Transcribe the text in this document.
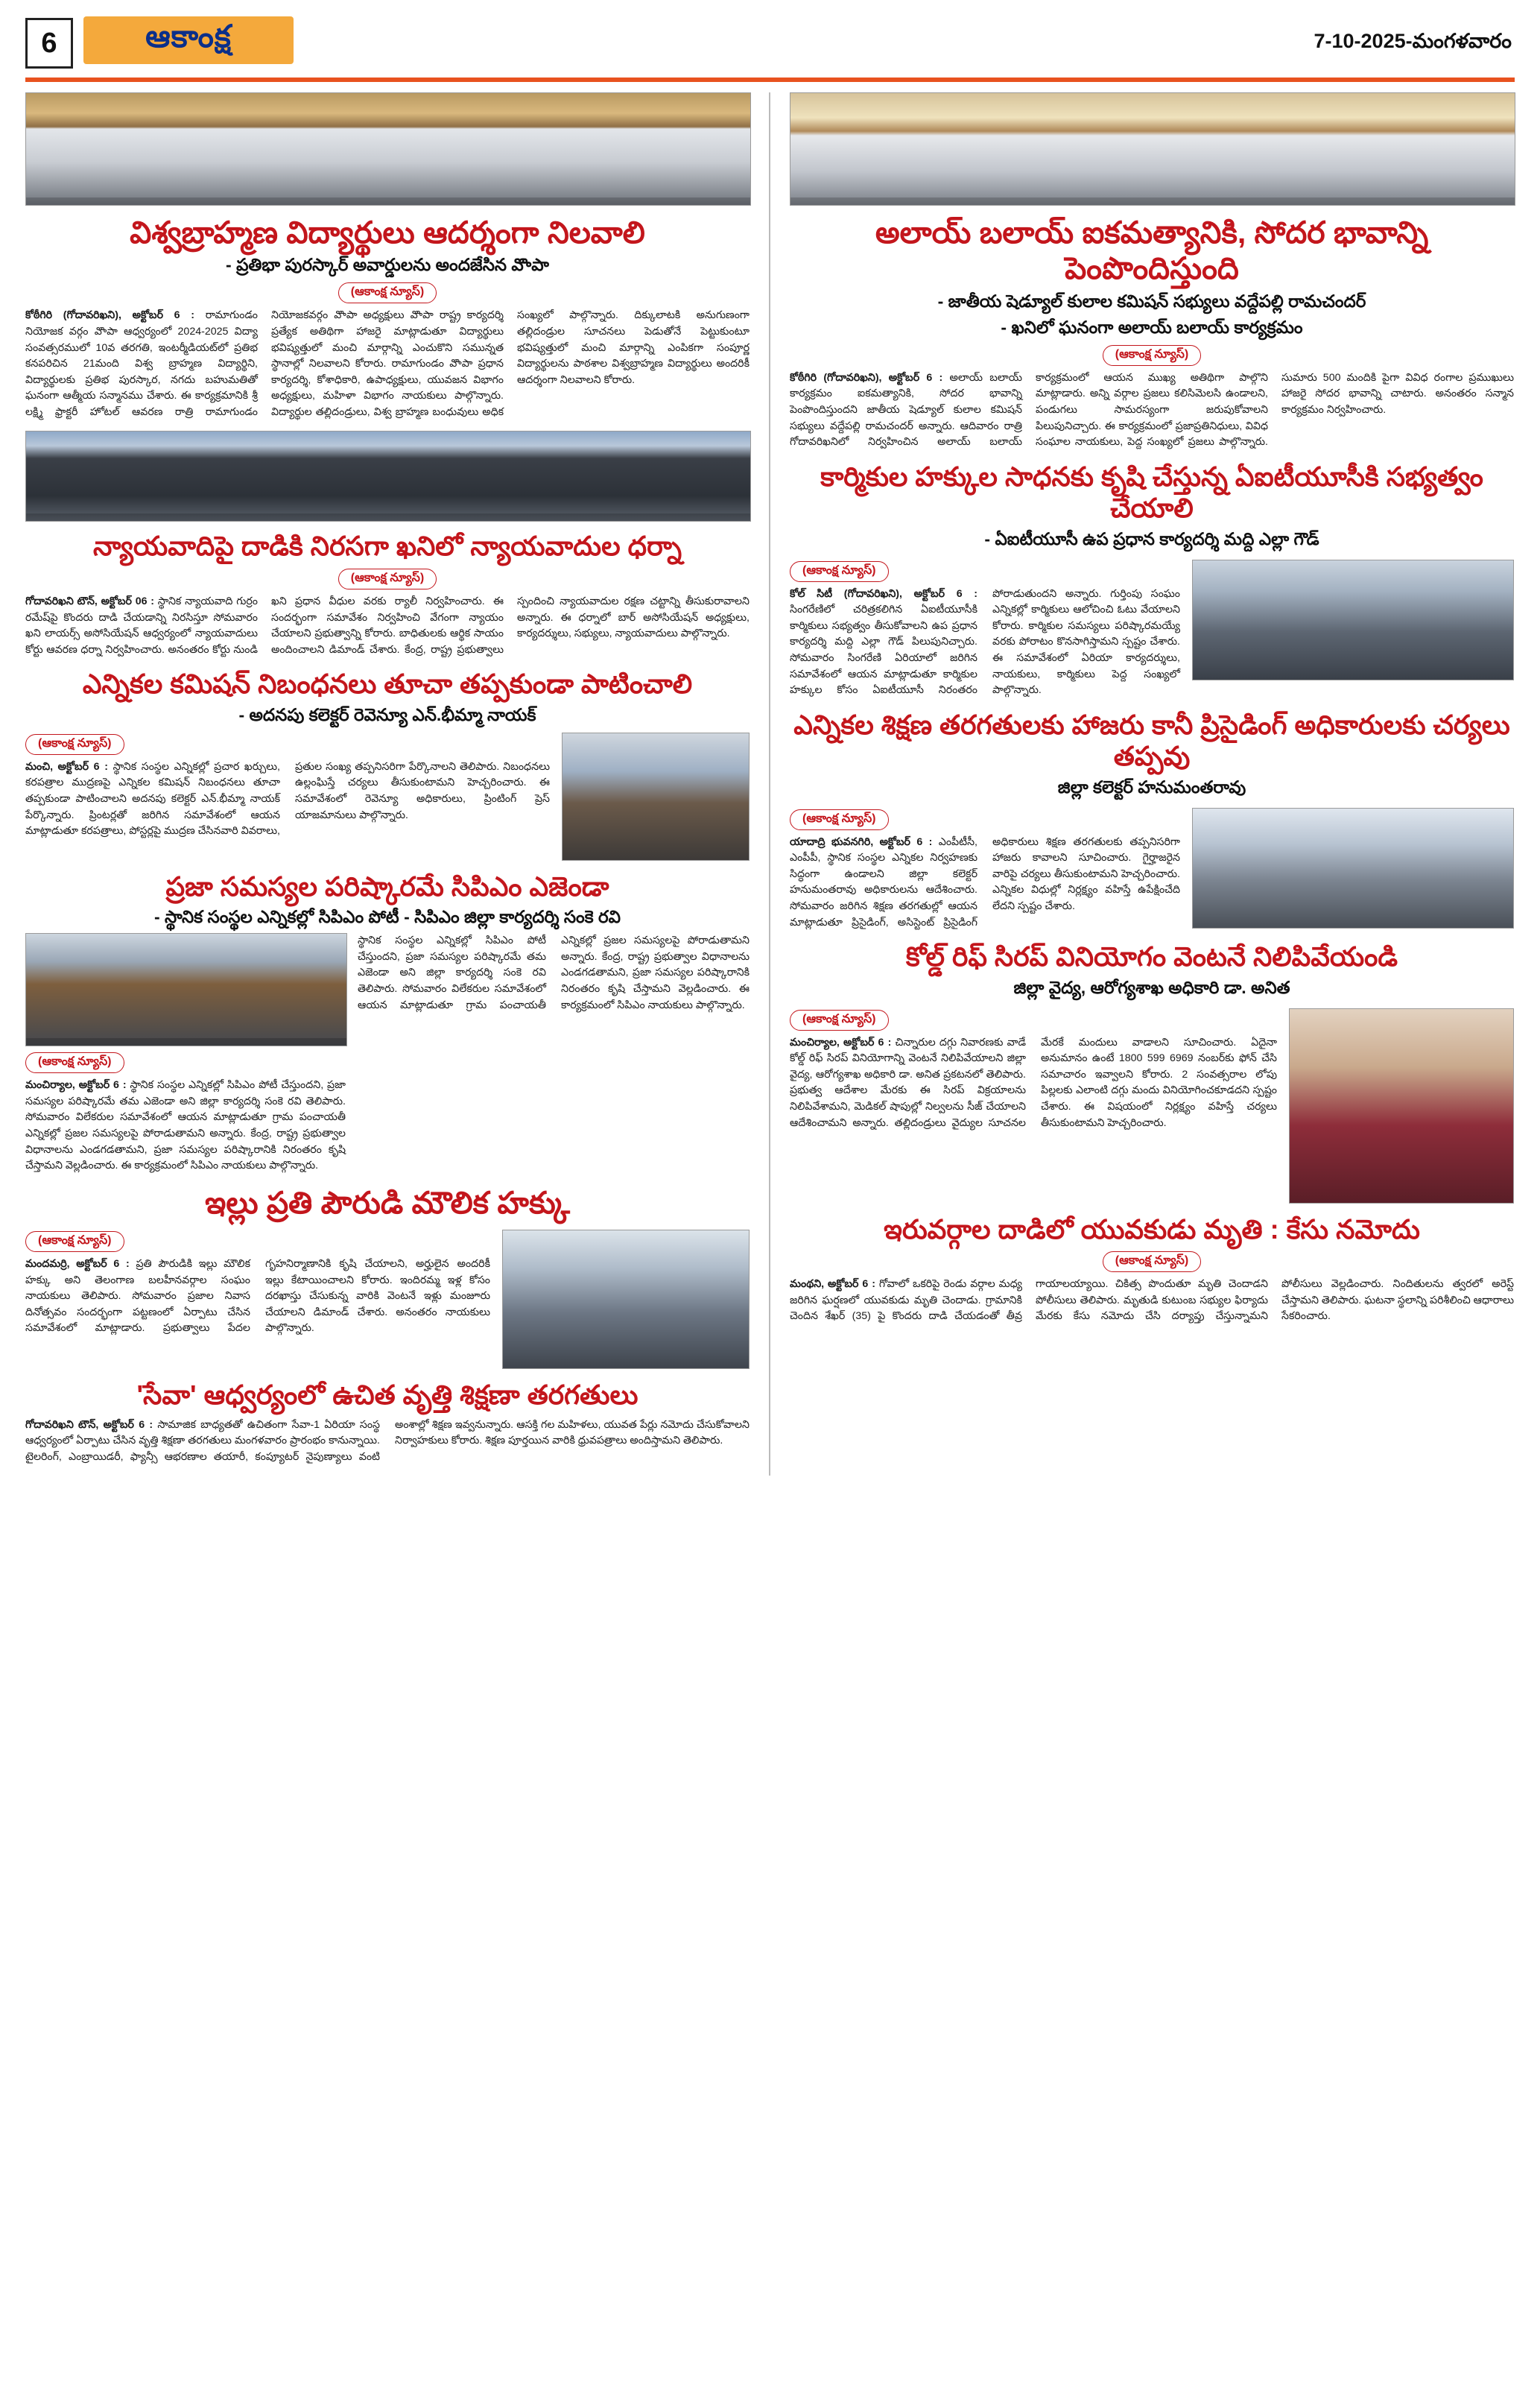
6	ఆకాంక్ష	7-10-2025-మంగళవారం
విశ్వబ్రాహ్మణ విద్యార్థులు ఆదర్శంగా నిలవాలి
- ప్రతిభా పురస్కార్ అవార్డులను అందజేసిన వొాపా
(ఆకాంక్ష న్యూస్)
కోఠీగిరి (గోదావరిఖని), అక్టోబర్ 6 : రామాగుండం నియోజక వర్గం వొాపా ఆధ్వర్యంలో 2024-2025 విద్యా సంవత్సరములో 10వ తరగతి, ఇంటర్మీడియట్‌లో ప్రతిభ కనపరిచిన 21మంది విశ్వ బ్రాహ్మణ విద్యార్థిని, విద్యార్థులకు ప్రతిభ పురస్కార, నగదు బహుమతితో ఘనంగా ఆత్మీయ సన్మానము చేశారు. ఈ కార్యక్రమానికి శ్రీ లక్ష్మి ఫ్రాక్టరీ హోటల్ ఆవరణ రాత్రి రామాగుండం నియోజకవర్గం వొాపా అధ్యక్షులు వొాపా రాష్ట్ర కార్యదర్శి ప్రత్యేక అతిథిగా హాజరై మాట్లాడుతూ విద్యార్థులు భవిష్యత్తులో మంచి మార్గాన్ని ఎంచుకొని సమున్నత స్థానాల్లో నిలవాలని కోరారు. రామాగుండం వొాపా ప్రధాన కార్యదర్శి, కోశాధికారి, ఉపాధ్యక్షులు, యువజన విభాగం అధ్యక్షులు, మహిళా విభాగం నాయకులు పాల్గొన్నారు. విద్యార్థుల తల్లిదండ్రులు, విశ్వ బ్రాహ్మణ బంధువులు అధిక సంఖ్యలో పాల్గొన్నారు. దిక్కులాటకి అనుగుణంగా తల్లిదండ్రుల సూచనలు పెడుతోనే పెట్టుకుంటూ భవిష్యత్తులో మంచి మార్గాన్ని ఎంపికగా సంపూర్ణ విద్యార్థులను పాఠశాల విశ్వబ్రాహ్మణ విద్యార్థులు అందరికీ ఆదర్శంగా నిలవాలని కోరారు.
న్యాయవాదిపై దాడికి నిరసగా ఖనిలో న్యాయవాదుల ధర్నా
(ఆకాంక్ష న్యూస్)
గోదావరిఖని టౌన్, అక్టోబర్ 06 : స్థానిక న్యాయవాది గుర్రం రమేష్‌పై కొందరు దాడి చేయడాన్ని నిరసిస్తూ సోమవారం ఖని లాయర్స్ అసోసియేషన్ ఆధ్వర్యంలో న్యాయవాదులు కోర్టు ఆవరణ ధర్నా నిర్వహించారు. అనంతరం కోర్టు నుండి ఖని ప్రధాన వీధుల వరకు ర్యాలీ నిర్వహించారు. ఈ సందర్భంగా సమావేశం నిర్వహించి వేగంగా న్యాయం చేయాలని ప్రభుత్వాన్ని కోరారు. బాధితులకు ఆర్థిక సాయం అందించాలని డిమాండ్ చేశారు. కేంద్ర, రాష్ట్ర ప్రభుత్వాలు స్పందించి న్యాయవాదుల రక్షణ చట్టాన్ని తీసుకురావాలని అన్నారు. ఈ ధర్నాలో బార్ అసోసియేషన్ అధ్యక్షులు, కార్యదర్శులు, సభ్యులు, న్యాయవాదులు పాల్గొన్నారు.
ఎన్నికల కమిషన్ నిబంధనలు తూచా తప్పకుండా పాటించాలి
- అదనపు కలెక్టర్ రెవెన్యూ ఎన్.భీమ్మా నాయక్
(ఆకాంక్ష న్యూస్)
మంచి, అక్టోబర్ 6 : స్థానిక సంస్థల ఎన్నికల్లో ప్రచార ఖర్చులు, కరపత్రాల ముద్రణపై ఎన్నికల కమిషన్ నిబంధనలు తూచా తప్పకుండా పాటించాలని అదనపు కలెక్టర్ ఎన్.భీమ్మా నాయక్ పేర్కొన్నారు. ప్రింటర్లతో జరిగిన సమావేశంలో ఆయన మాట్లాడుతూ కరపత్రాలు, పోస్టర్లపై ముద్రణ చేసినవారి వివరాలు, ప్రతుల సంఖ్య తప్పనిసరిగా పేర్కొనాలని తెలిపారు. నిబంధనలు ఉల్లంఘిస్తే చర్యలు తీసుకుంటామని హెచ్చరించారు. ఈ సమావేశంలో రెవెన్యూ అధికారులు, ప్రింటింగ్ ప్రెస్ యాజమానులు పాల్గొన్నారు.
ప్రజా సమస్యల పరిష్కారమే సిపిఎం ఎజెండా
- స్థానిక సంస్థల ఎన్నికల్లో సిపిఎం పోటీ - సిపిఎం జిల్లా కార్యదర్శి సంకె రవి
(ఆకాంక్ష న్యూస్)
మంచిర్యాల, అక్టోబర్ 6 : స్థానిక సంస్థల ఎన్నికల్లో సిపిఎం పోటీ చేస్తుందని, ప్రజా సమస్యల పరిష్కారమే తమ ఎజెండా అని జిల్లా కార్యదర్శి సంకె రవి తెలిపారు. సోమవారం విలేకరుల సమావేశంలో ఆయన మాట్లాడుతూ గ్రామ పంచాయతీ ఎన్నికల్లో ప్రజల సమస్యలపై పోరాడుతామని అన్నారు. కేంద్ర, రాష్ట్ర ప్రభుత్వాల విధానాలను ఎండగడతామని, ప్రజా సమస్యల పరిష్కారానికి నిరంతరం కృషి చేస్తామని వెల్లడించారు. ఈ కార్యక్రమంలో సిపిఎం నాయకులు పాల్గొన్నారు.
స్థానిక సంస్థల ఎన్నికల్లో సిపిఎం పోటీ చేస్తుందని, ప్రజా సమస్యల పరిష్కారమే తమ ఎజెండా అని జిల్లా కార్యదర్శి సంకె రవి తెలిపారు. సోమవారం విలేకరుల సమావేశంలో ఆయన మాట్లాడుతూ గ్రామ పంచాయతీ ఎన్నికల్లో ప్రజల సమస్యలపై పోరాడుతామని అన్నారు. కేంద్ర, రాష్ట్ర ప్రభుత్వాల విధానాలను ఎండగడతామని, ప్రజా సమస్యల పరిష్కారానికి నిరంతరం కృషి చేస్తామని వెల్లడించారు. ఈ కార్యక్రమంలో సిపిఎం నాయకులు పాల్గొన్నారు.
ఇల్లు ప్రతి పౌరుడి మౌలిక హక్కు
(ఆకాంక్ష న్యూస్)
మందమర్రి, అక్టోబర్ 6 : ప్రతి పౌరుడికి ఇల్లు మౌలిక హక్కు అని తెలంగాణ బలహీనవర్గాల సంఘం నాయకులు తెలిపారు. సోమవారం ప్రజాల నివాస దినోత్సవం సందర్భంగా పట్టణంలో ఏర్పాటు చేసిన సమావేశంలో మాట్లాడారు. ప్రభుత్వాలు పేదల గృహనిర్మాణానికి కృషి చేయాలని, అర్హులైన అందరికీ ఇల్లు కేటాయించాలని కోరారు. ఇందిరమ్మ ఇళ్ల కోసం దరఖాస్తు చేసుకున్న వారికి వెంటనే ఇళ్లు మంజూరు చేయాలని డిమాండ్ చేశారు. అనంతరం నాయకులు పాల్గొన్నారు.
'సేవా' ఆధ్వర్యంలో ఉచిత వృత్తి శిక్షణా తరగతులు
గోదావరిఖని టౌన్, అక్టోబర్ 6 : సామాజిక బాధ్యతతో ఉచితంగా సేవా-1 ఏరియా సంస్థ ఆధ్వర్యంలో ఏర్పాటు చేసిన వృత్తి శిక్షణా తరగతులు మంగళవారం ప్రారంభం కానున్నాయి. టైలరింగ్, ఎంబ్రాయిడరీ, ఫ్యాన్సీ ఆభరణాల తయారీ, కంప్యూటర్ నైపుణ్యాలు వంటి అంశాల్లో శిక్షణ ఇవ్వనున్నారు. ఆసక్తి గల మహిళలు, యువత పేర్లు నమోదు చేసుకోవాలని నిర్వాహకులు కోరారు. శిక్షణ పూర్తయిన వారికి ధ్రువపత్రాలు అందిస్తామని తెలిపారు.
అలాయ్ బలాయ్ ఐకమత్యానికి, సోదర భావాన్ని పెంపొందిస్తుంది
- జాతీయ షెడ్యూల్ కులాల కమిషన్ సభ్యులు వద్దేపల్లి రామచందర్
- ఖనిలో ఘనంగా అలాయ్ బలాయ్ కార్యక్రమం
(ఆకాంక్ష న్యూస్)
కోఠీగిరి (గోదావరిఖని), అక్టోబర్ 6 : అలాయ్ బలాయ్ కార్యక్రమం ఐకమత్యానికి, సోదర భావాన్ని పెంపొందిస్తుందని జాతీయ షెడ్యూల్ కులాల కమిషన్ సభ్యులు వద్దేపల్లి రామచందర్ అన్నారు. ఆదివారం రాత్రి గోదావరిఖనిలో నిర్వహించిన అలాయ్ బలాయ్ కార్యక్రమంలో ఆయన ముఖ్య అతిథిగా పాల్గొని మాట్లాడారు. అన్ని వర్గాల ప్రజలు కలిసిమెలసి ఉండాలని, పండుగలు సామరస్యంగా జరుపుకోవాలని పిలుపునిచ్చారు. ఈ కార్యక్రమంలో ప్రజాప్రతినిధులు, వివిధ సంఘాల నాయకులు, పెద్ద సంఖ్యలో ప్రజలు పాల్గొన్నారు. సుమారు 500 మందికి పైగా వివిధ రంగాల ప్రముఖులు హాజరై సోదర భావాన్ని చాటారు. అనంతరం సన్మాన కార్యక్రమం నిర్వహించారు.
కార్మికుల హక్కుల సాధనకు కృషి చేస్తున్న ఏఐటీయూసీకి సభ్యత్వం చేయాలి
- ఏఐటీయూసీ ఉప ప్రధాన కార్యదర్శి మద్ది ఎల్లా గౌడ్
(ఆకాంక్ష న్యూస్)
కోల్ సిటీ (గోదావరిఖని), అక్టోబర్ 6 : సింగరేణిలో చరిత్రకలిగిన ఏఐటీయూసీకి కార్మికులు సభ్యత్వం తీసుకోవాలని ఉప ప్రధాన కార్యదర్శి మద్ది ఎల్లా గౌడ్ పిలుపునిచ్చారు. సోమవారం సింగరేణి ఏరియాలో జరిగిన సమావేశంలో ఆయన మాట్లాడుతూ కార్మికుల హక్కుల కోసం ఏఐటీయూసీ నిరంతరం పోరాడుతుందని అన్నారు. గుర్తింపు సంఘం ఎన్నికల్లో కార్మికులు ఆలోచించి ఓటు వేయాలని కోరారు. కార్మికుల సమస్యలు పరిష్కారమయ్యే వరకు పోరాటం కొనసాగిస్తామని స్పష్టం చేశారు. ఈ సమావేశంలో ఏరియా కార్యదర్శులు, నాయకులు, కార్మికులు పెద్ద సంఖ్యలో పాల్గొన్నారు.
ఎన్నికల శిక్షణ తరగతులకు హాజరు కానీ ప్రిసైడింగ్ అధికారులకు చర్యలు తప్పవు
జిల్లా కలెక్టర్ హనుమంతరావు
(ఆకాంక్ష న్యూస్)
యాదాద్రి భువనగిరి, అక్టోబర్ 6 : ఎంపీటీసీ, ఎంపీపీ, స్థానిక సంస్థల ఎన్నికల నిర్వహణకు సిద్ధంగా ఉండాలని జిల్లా కలెక్టర్ హనుమంతరావు అధికారులను ఆదేశించారు. సోమవారం జరిగిన శిక్షణ తరగతుల్లో ఆయన మాట్లాడుతూ ప్రిసైడింగ్, అసిస్టెంట్ ప్రిసైడింగ్ అధికారులు శిక్షణ తరగతులకు తప్పనిసరిగా హాజరు కావాలని సూచించారు. గైర్హాజరైన వారిపై చర్యలు తీసుకుంటామని హెచ్చరించారు. ఎన్నికల విధుల్లో నిర్లక్ష్యం వహిస్తే ఉపేక్షించేది లేదని స్పష్టం చేశారు.
కోల్డ్ రిఫ్ సిరప్ వినియోగం వెంటనే నిలిపివేయండి
జిల్లా వైద్య, ఆరోగ్యశాఖ అధికారి డా. అనిత
(ఆకాంక్ష న్యూస్)
మంచిర్యాల, అక్టోబర్ 6 : చిన్నారుల దగ్గు నివారణకు వాడే కోల్డ్ రిఫ్ సిరప్ వినియోగాన్ని వెంటనే నిలిపివేయాలని జిల్లా వైద్య, ఆరోగ్యశాఖ అధికారి డా. అనిత ప్రకటనలో తెలిపారు. ప్రభుత్వ ఆదేశాల మేరకు ఈ సిరప్ విక్రయాలను నిలిపివేశామని, మెడికల్ షాపుల్లో నిల్వలను సీజ్ చేయాలని ఆదేశించామని అన్నారు. తల్లిదండ్రులు వైద్యుల సూచనల మేరకే మందులు వాడాలని సూచించారు. ఏదైనా అనుమానం ఉంటే 1800 599 6969 నంబర్‌కు ఫోన్ చేసి సమాచారం ఇవ్వాలని కోరారు. 2 సంవత్సరాల లోపు పిల్లలకు ఎలాంటి దగ్గు మందు వినియోగించకూడదని స్పష్టం చేశారు. ఈ విషయంలో నిర్లక్ష్యం వహిస్తే చర్యలు తీసుకుంటామని హెచ్చరించారు.
ఇరువర్గాల దాడిలో యువకుడు మృతి : కేసు నమోదు
(ఆకాంక్ష న్యూస్)
మంథని, అక్టోబర్ 6 : గోవాలో ఒకరిపై రెండు వర్గాల మధ్య జరిగిన ఘర్షణలో యువకుడు మృతి చెందాడు. గ్రామానికి చెందిన శేఖర్ (35) పై కొందరు దాడి చేయడంతో తీవ్ర గాయాలయ్యాయి. చికిత్స పొందుతూ మృతి చెందాడని పోలీసులు తెలిపారు. మృతుడి కుటుంబ సభ్యుల ఫిర్యాదు మేరకు కేసు నమోదు చేసి దర్యాప్తు చేస్తున్నామని పోలీసులు వెల్లడించారు. నిందితులను త్వరలో అరెస్ట్ చేస్తామని తెలిపారు. ఘటనా స్థలాన్ని పరిశీలించి ఆధారాలు సేకరించారు.
